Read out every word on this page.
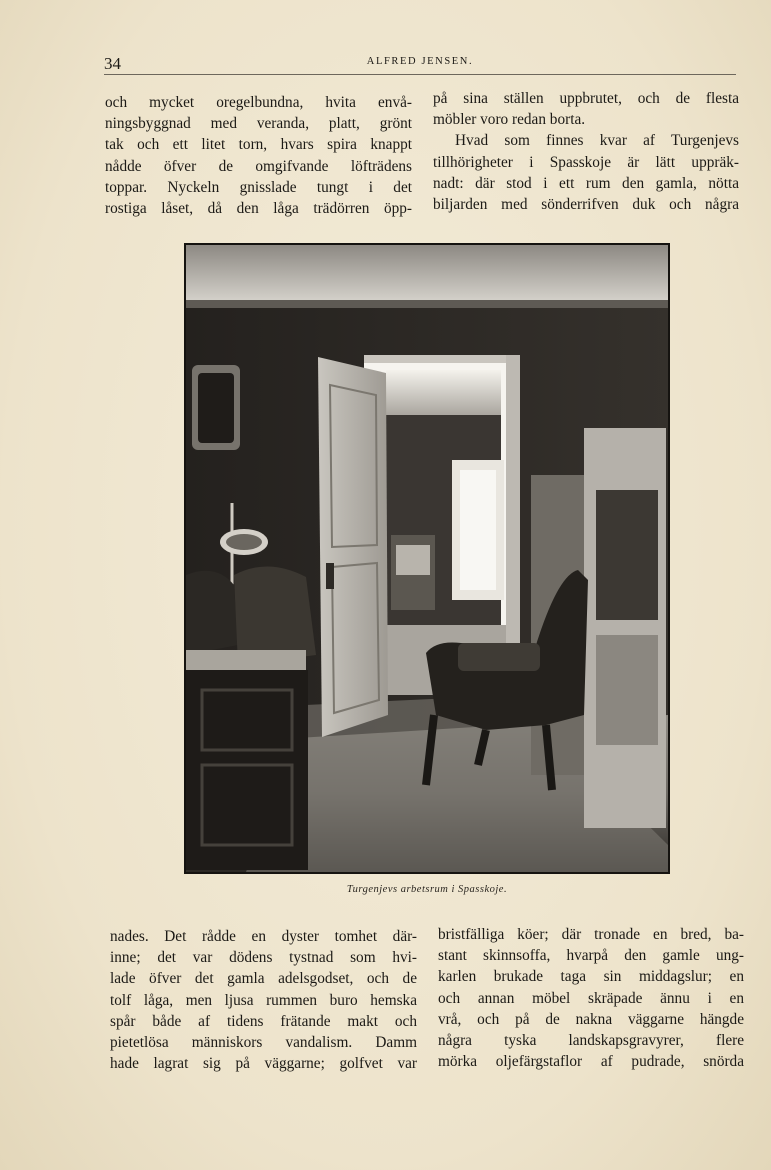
34	ALFRED JENSEN.

och mycket oregelbundna, hvita envå-
ningsbyggnad med veranda, platt, grönt
tak och ett litet torn, hvars spira knappt
nådde öfver de omgifvande löfträdens
toppar. Nyckeln gnisslade tungt i det
rostiga låset, då den låga trädörren öpp-

på sina ställen uppbrutet, och de flesta
möbler voro redan borta.
Hvad som finnes kvar af Turgenjevs
tillhörigheter i Spasskoje är lätt uppräk-
nadt: där stod i ett rum den gamla, nötta
biljarden med sönderrifven duk och några

Turgenjevs arbetsrum i Spasskoje.

nades. Det rådde en dyster tomhet där-
inne; det var dödens tystnad som hvi-
lade öfver det gamla adelsgodset, och de
tolf låga, men ljusa rummen buro hemska
spår både af tidens frätande makt och
pietetlösa människors vandalism. Damm
hade lagrat sig på väggarne; golfvet var

bristfälliga köer; där tronade en bred, ba-
stant skinnsoffa, hvarpå den gamle ung-
karlen brukade taga sin middagslur; en
och annan möbel skräpade ännu i en
vrå, och på de nakna väggarne hängde
några tyska landskapsgravyrer, flere
mörka oljefärgstaflor af pudrade, snörda
